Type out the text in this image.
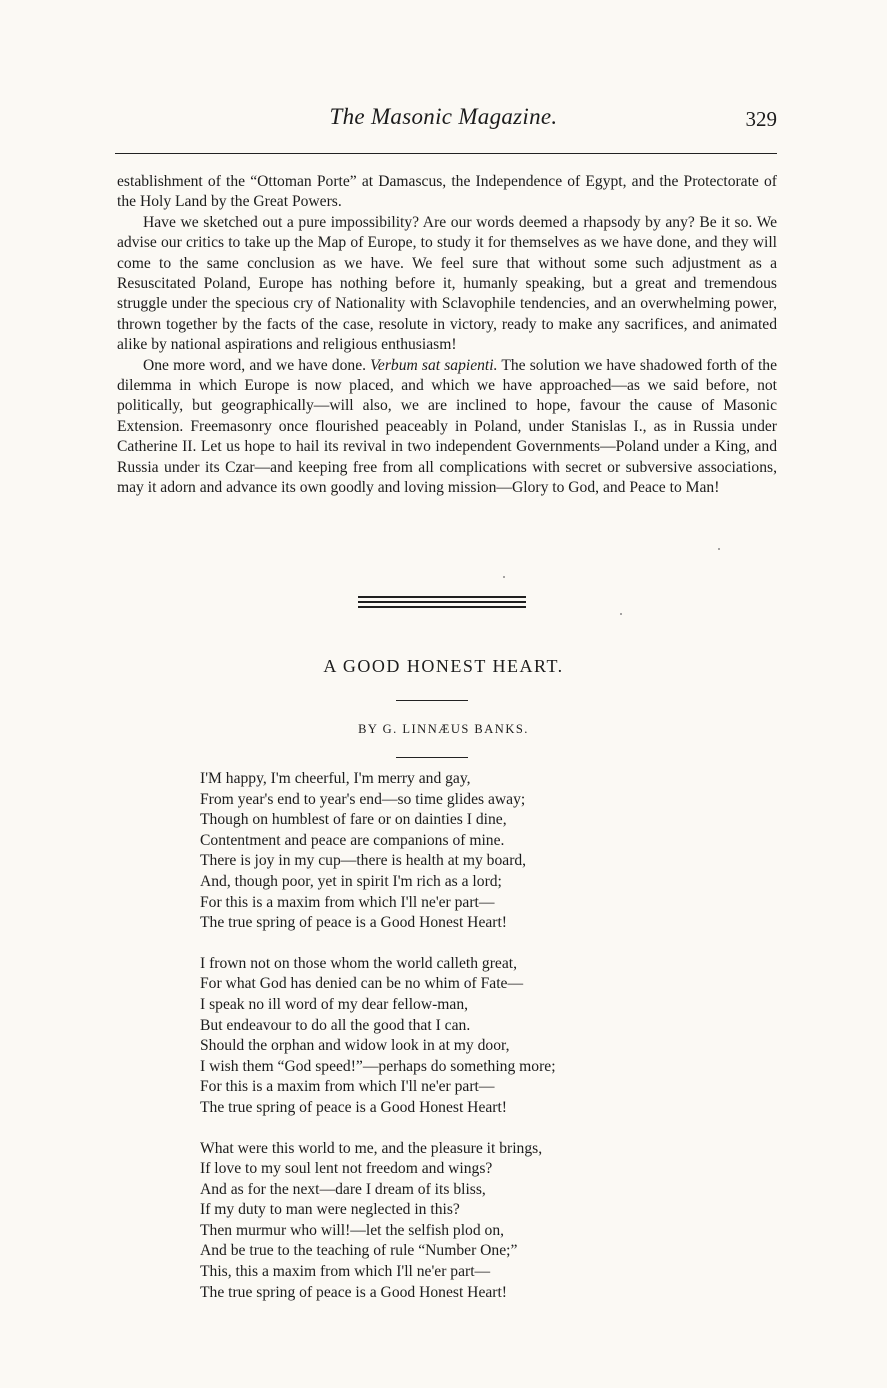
The Masonic Magazine.	329

establishment of the “Ottoman Porte” at Damascus, the Independence of Egypt, and the Protectorate of the Holy Land by the Great Powers.

Have we sketched out a pure impossibility? Are our words deemed a rhapsody by any? Be it so. We advise our critics to take up the Map of Europe, to study it for themselves as we have done, and they will come to the same conclusion as we have. We feel sure that without some such adjustment as a Resuscitated Poland, Europe has nothing before it, humanly speaking, but a great and tremendous struggle under the specious cry of Nationality with Sclavophile tendencies, and an overwhelming power, thrown together by the facts of the case, resolute in victory, ready to make any sacrifices, and animated alike by national aspirations and religious enthusiasm!

One more word, and we have done. Verbum sat sapienti. The solution we have shadowed forth of the dilemma in which Europe is now placed, and which we have approached—as we said before, not politically, but geographically—will also, we are inclined to hope, favour the cause of Masonic Extension. Freemasonry once flourished peaceably in Poland, under Stanislas I., as in Russia under Catherine II. Let us hope to hail its revival in two independent Governments—Poland under a King, and Russia under its Czar—and keeping free from all complications with secret or subversive associations, may it adorn and advance its own goodly and loving mission—Glory to God, and Peace to Man!

A GOOD HONEST HEART.
BY G. LINNÆUS BANKS.
I'M happy, I'm cheerful, I'm merry and gay,
From year's end to year's end—so time glides away;
Though on humblest of fare or on dainties I dine,
Contentment and peace are companions of mine.
There is joy in my cup—there is health at my board,
And, though poor, yet in spirit I'm rich as a lord;
For this is a maxim from which I'll ne'er part—
The true spring of peace is a Good Honest Heart!
I frown not on those whom the world calleth great,
For what God has denied can be no whim of Fate—
I speak no ill word of my dear fellow-man,
But endeavour to do all the good that I can.
Should the orphan and widow look in at my door,
I wish them “God speed!”—perhaps do something more;
For this is a maxim from which I'll ne'er part—
The true spring of peace is a Good Honest Heart!
What were this world to me, and the pleasure it brings,
If love to my soul lent not freedom and wings?
And as for the next—dare I dream of its bliss,
If my duty to man were neglected in this?
Then murmur who will!—let the selfish plod on,
And be true to the teaching of rule “Number One;”
This, this a maxim from which I'll ne'er part—
The true spring of peace is a Good Honest Heart!
